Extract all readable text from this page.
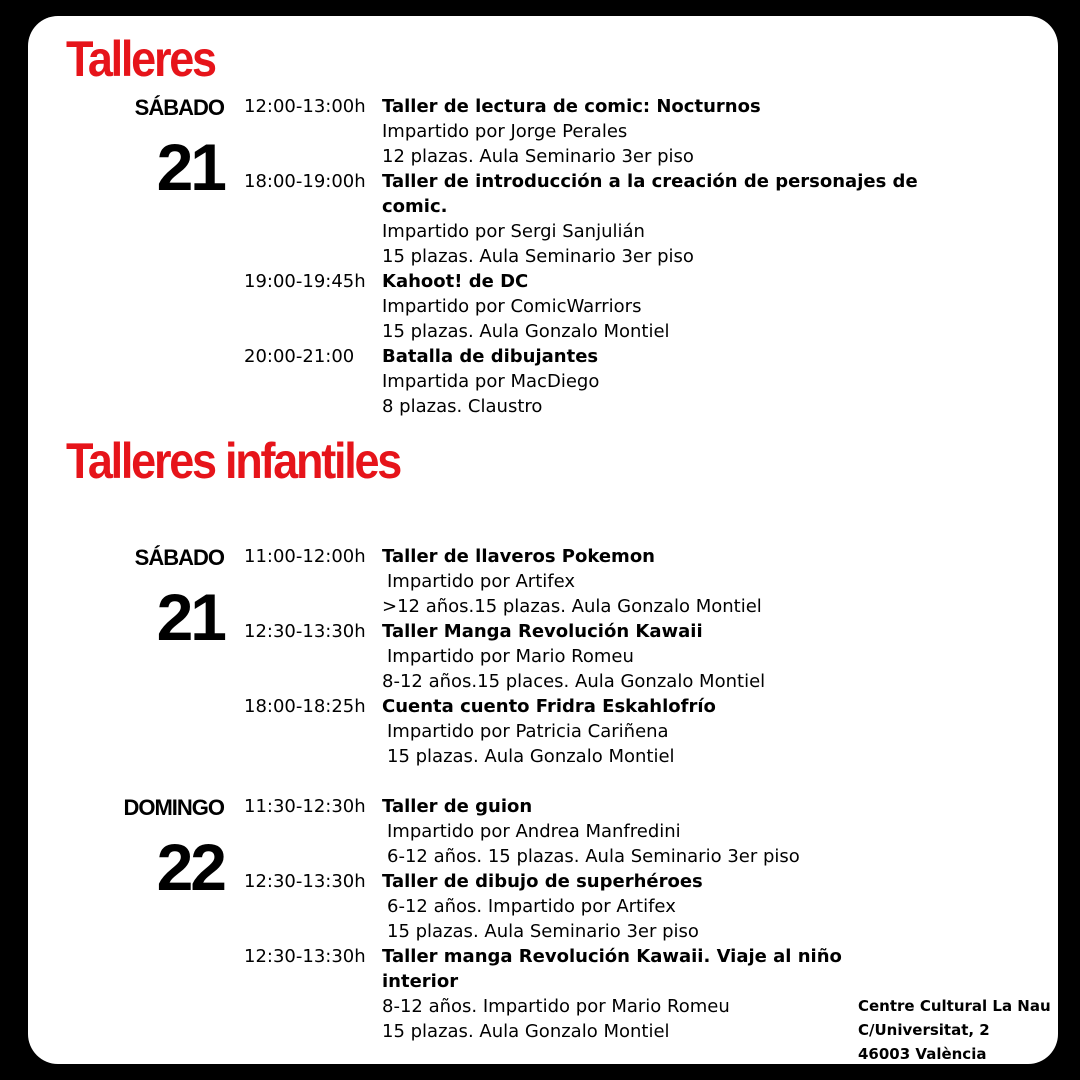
Talleres
SÁBADO
21
12:00-13:00h Taller de lectura de comic: Nocturnos
Impartido por Jorge Perales
12 plazas. Aula Seminario 3er piso
18:00-19:00h Taller de introducción a la creación de personajes de
comic.
Impartido por Sergi Sanjulián
15 plazas. Aula Seminario 3er piso
19:00-19:45h Kahoot! de DC
Impartido por ComicWarriors
15 plazas. Aula Gonzalo Montiel
20:00-21:00 Batalla de dibujantes
Impartida por MacDiego
8 plazas. Claustro
Talleres infantiles
SÁBADO
21
11:00-12:00h Taller de llaveros Pokemon
Impartido por Artifex
>12 años.15 plazas. Aula Gonzalo Montiel
12:30-13:30h Taller Manga Revolución Kawaii
Impartido por Mario Romeu
8-12 años.15 places. Aula Gonzalo Montiel
18:00-18:25h Cuenta cuento Fridra Eskahlofrío
Impartido por Patricia Cariñena
15 plazas. Aula Gonzalo Montiel
DOMINGO
22
11:30-12:30h Taller de guion
Impartido por Andrea Manfredini
6-12 años. 15 plazas. Aula Seminario 3er piso
12:30-13:30h Taller de dibujo de superhéroes
6-12 años. Impartido por Artifex
15 plazas. Aula Seminario 3er piso
12:30-13:30h Taller manga Revolución Kawaii. Viaje al niño
interior
8-12 años. Impartido por Mario Romeu
15 plazas. Aula Gonzalo Montiel
Centre Cultural La Nau
C/Universitat, 2
46003 València
